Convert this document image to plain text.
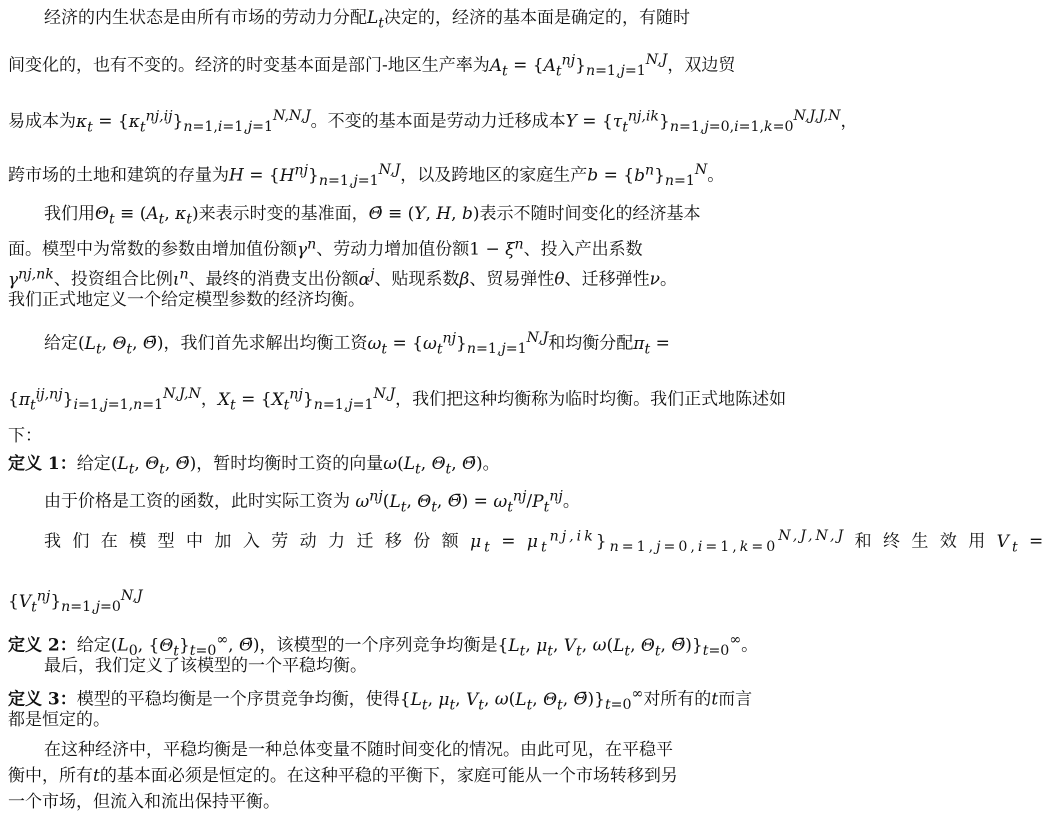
经济的内生状态是由所有市场的劳动力分配$L_t$决定的，经济的基本面是确定的，有随时
间变化的，也有不变的。经济的时变基本面是部门-地区生产率为$A_t = \{A_t^{nj}\}_{n=1,j=1}^{N,J}$，双边贸
易成本为$\kappa_t = \{\kappa_t^{nj,ij}\}_{n=1,i=1,j=1}^{N,N,J}$。不变的基本面是劳动力迁移成本$\Upsilon = \{\tau_t^{nj,ik}\}_{n=1,j=0,i=1,k=0}^{N,J,J,N}$，
跨市场的土地和建筑的存量为$H = \{H^{nj}\}_{n=1,j=1}^{N,J}$，以及跨地区的家庭生产$b = \{b^n\}_{n=1}^N$。
我们用$\Theta_t \equiv (A_t$, $\kappa_t$)来表示时变的基准面，Θ̄ ≡ (Υ, H, b)表示不随时间变化的经济基本
面。模型中为常数的参数由增加值份额$\gamma^n$、劳动力增加值份额$1 - \xi^n$、投入产出系数
$\gamma^{nj,nk}$、投资组合比例$\iota^n$、最终的消费支出份额$\alpha^j$、贴现系数β、贸易弹性θ、迁移弹性ν。
我们正式地定义一个给定模型参数的经济均衡。
给定($L_t$, $\Theta_t$, Θ̄)，我们首先求解出均衡工资$\omega_t = \{\omega_t^{nj}\}_{n=1,j=1}^{N,J}$和均衡分配$\pi_t$ =
$\{\pi_t^{ij,nj}\}_{i=1,j=1,n=1}^{N,J,N}$，$X_t = \{X_t^{nj}\}_{n=1,j=1}^{N,J}$，我们把这种均衡称为临时均衡。我们正式地陈述如
下：
定义 1：给定($L_t$, $\Theta_t$, Θ̄)，暂时均衡时工资的向量$\omega(L_t$, $\Theta_t$, Θ̄)。
由于价格是工资的函数，此时实际工资为 $\omega^{nj}(L_t$, $\Theta_t$, Θ̄) = $\omega_t^{nj}/P_t^{nj}$。
我 们 在 模 型 中 加 入 劳 动 力 迁 移 份 额 $\mu_t = \mu_t^{nj,ik}\}_{n=1,j=0,i=1,k=0}^{N,J,N,J}$ 和 终 生 效 用 $V_t$ =
$\{V_t^{nj}\}_{n=1,j=0}^{N,J}$
定义 2：给定($L_0$, $\{\Theta_t\}_{t=0}^\infty$, Θ̄)，该模型的一个序列竞争均衡是{$L_t$, $\mu_t$, $V_t$, $\omega(L_t$, $\Theta_t$, $\Thetā)\}_{t=0}^\infty$。
最后，我们定义了该模型的一个平稳均衡。
定义 3：模型的平稳均衡是一个序贯竞争均衡，使得{$L_t$, $\mu_t$, $V_t$, $\omega(L_t$, $\Theta_t$, $\Thetā)\}_{t=0}^\infty$对所有的t而言
都是恒定的。
在这种经济中，平稳均衡是一种总体变量不随时间变化的情况。由此可见，在平稳平
衡中，所有t的基本面必须是恒定的。在这种平稳的平衡下，家庭可能从一个市场转移到另
一个市场，但流入和流出保持平衡。
